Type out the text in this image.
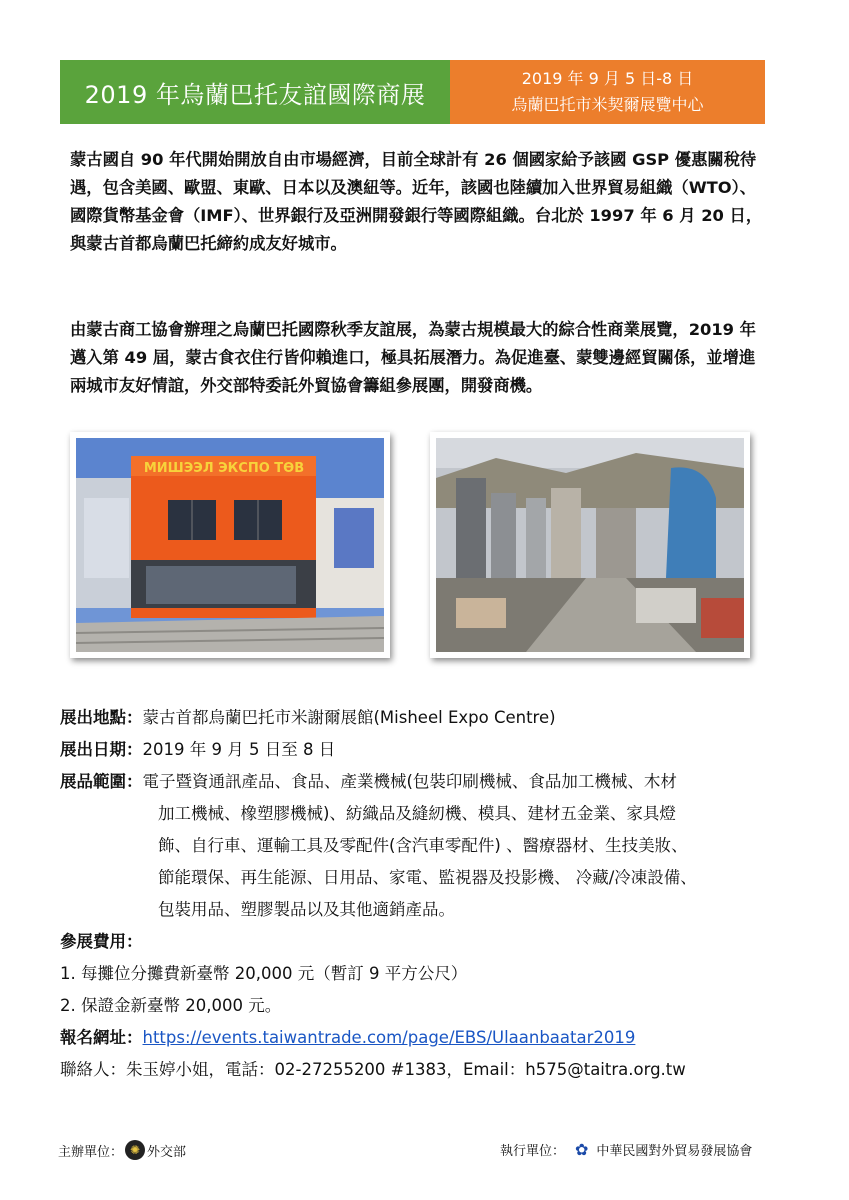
2019 年烏蘭巴托友誼國際商展
2019 年 9 月 5 日-8 日
烏蘭巴托市米契爾展覽中心
蒙古國自 90 年代開始開放自由市場經濟，目前全球計有 26 個國家給予該國 GSP 優惠關稅待遇，包含美國、歐盟、東歐、日本以及澳紐等。近年，該國也陸續加入世界貿易組織（WTO）、國際貨幣基金會（IMF）、世界銀行及亞洲開發銀行等國際組織。台北於 1997 年 6 月 20 日，與蒙古首都烏蘭巴托締約成友好城市。
由蒙古商工協會辦理之烏蘭巴托國際秋季友誼展，為蒙古規模最大的綜合性商業展覽，2019 年邁入第 49 屆，蒙古食衣住行皆仰賴進口，極具拓展潛力。為促進臺、蒙雙邊經貿關係，並增進兩城市友好情誼，外交部特委託外貿協會籌組參展團，開發商機。
МИШЭЭЛ ЭКСПО ТӨВ
展出地點： 蒙古首都烏蘭巴托市米謝爾展館(Misheel Expo Centre)
展出日期： 2019 年 9 月 5 日至 8 日
展品範圍： 電子暨資通訊產品、食品、產業機械(包裝印刷機械、食品加工機械、木材
加工機械、橡塑膠機械)、紡織品及縫紉機、模具、建材五金業、家具燈
飾、自行車、運輸工具及零配件(含汽車零配件) 、醫療器材、生技美妝、
節能環保、再生能源、日用品、家電、監視器及投影機、 冷藏/冷凍設備、
包裝用品、塑膠製品以及其他適銷產品。
參展費用：
1. 每攤位分攤費新臺幣 20,000 元（暫訂 9 平方公尺）
2. 保證金新臺幣 20,000 元。
報名網址： https://events.taiwantrade.com/page/EBS/Ulaanbaatar2019
聯絡人：朱玉婷小姐，電話：02-27255200 #1383，Email：h575@taitra.org.tw
主辦單位： ✺ 外交部	執行單位： ✿ 中華民國對外貿易發展協會
